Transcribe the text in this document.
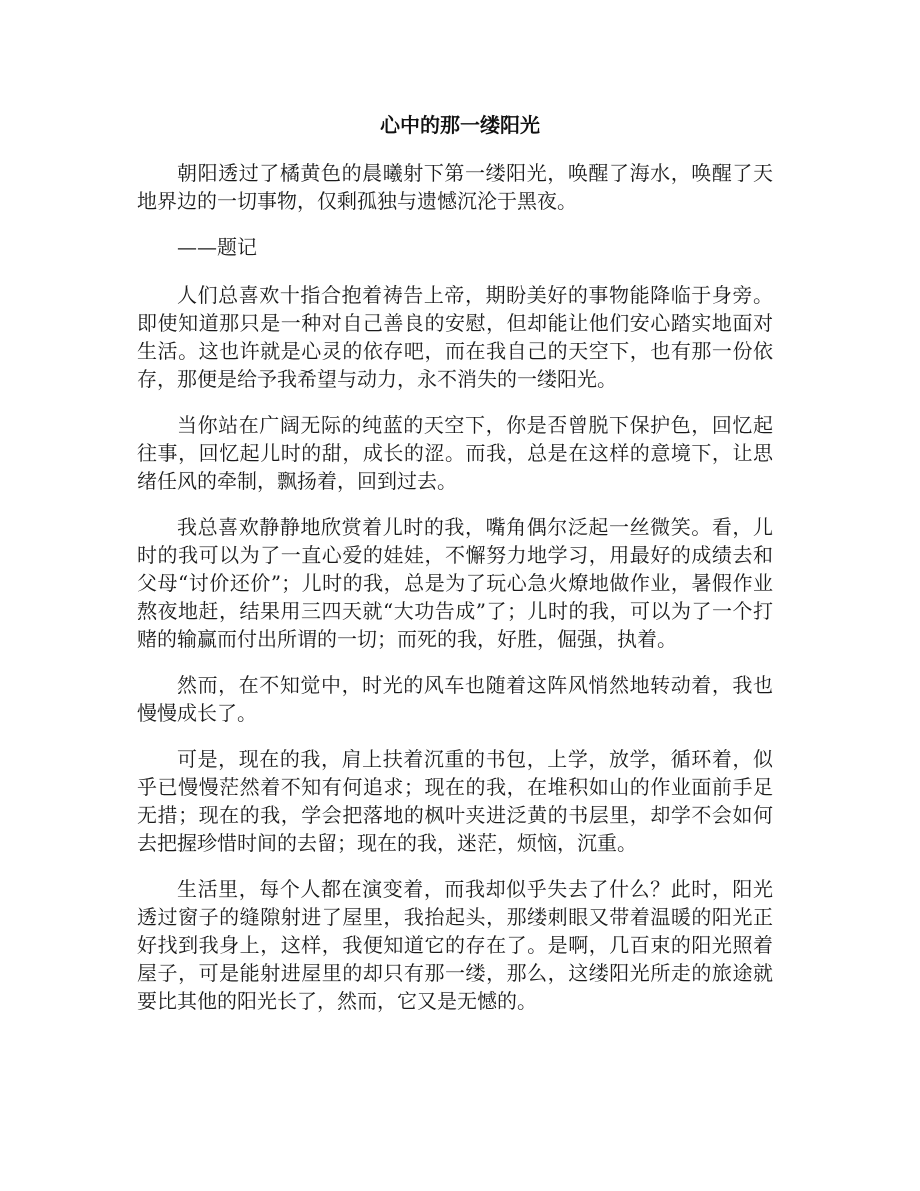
心中的那一缕阳光

朝阳透过了橘黄色的晨曦射下第一缕阳光，唤醒了海水，唤醒了天地界边的一切事物，仅剩孤独与遗憾沉沦于黑夜。

——题记

人们总喜欢十指合抱着祷告上帝，期盼美好的事物能降临于身旁。即使知道那只是一种对自己善良的安慰，但却能让他们安心踏实地面对生活。这也许就是心灵的依存吧，而在我自己的天空下，也有那一份依存，那便是给予我希望与动力，永不消失的一缕阳光。

当你站在广阔无际的纯蓝的天空下，你是否曾脱下保护色，回忆起往事，回忆起儿时的甜，成长的涩。而我，总是在这样的意境下，让思绪任风的牵制，飘扬着，回到过去。

我总喜欢静静地欣赏着儿时的我，嘴角偶尔泛起一丝微笑。看，儿时的我可以为了一直心爱的娃娃，不懈努力地学习，用最好的成绩去和父母“讨价还价”；儿时的我，总是为了玩心急火燎地做作业，暑假作业熬夜地赶，结果用三四天就“大功告成”了；儿时的我，可以为了一个打赌的输赢而付出所谓的一切；而死的我，好胜，倔强，执着。

然而，在不知觉中，时光的风车也随着这阵风悄然地转动着，我也慢慢成长了。

可是，现在的我，肩上扶着沉重的书包，上学，放学，循环着，似乎已慢慢茫然着不知有何追求；现在的我，在堆积如山的作业面前手足无措；现在的我，学会把落地的枫叶夹进泛黄的书层里，却学不会如何去把握珍惜时间的去留；现在的我，迷茫，烦恼，沉重。

生活里，每个人都在演变着，而我却似乎失去了什么？此时，阳光透过窗子的缝隙射进了屋里，我抬起头，那缕刺眼又带着温暖的阳光正好找到我身上，这样，我便知道它的存在了。是啊，几百束的阳光照着屋子，可是能射进屋里的却只有那一缕，那么，这缕阳光所走的旅途就要比其他的阳光长了，然而，它又是无憾的。
